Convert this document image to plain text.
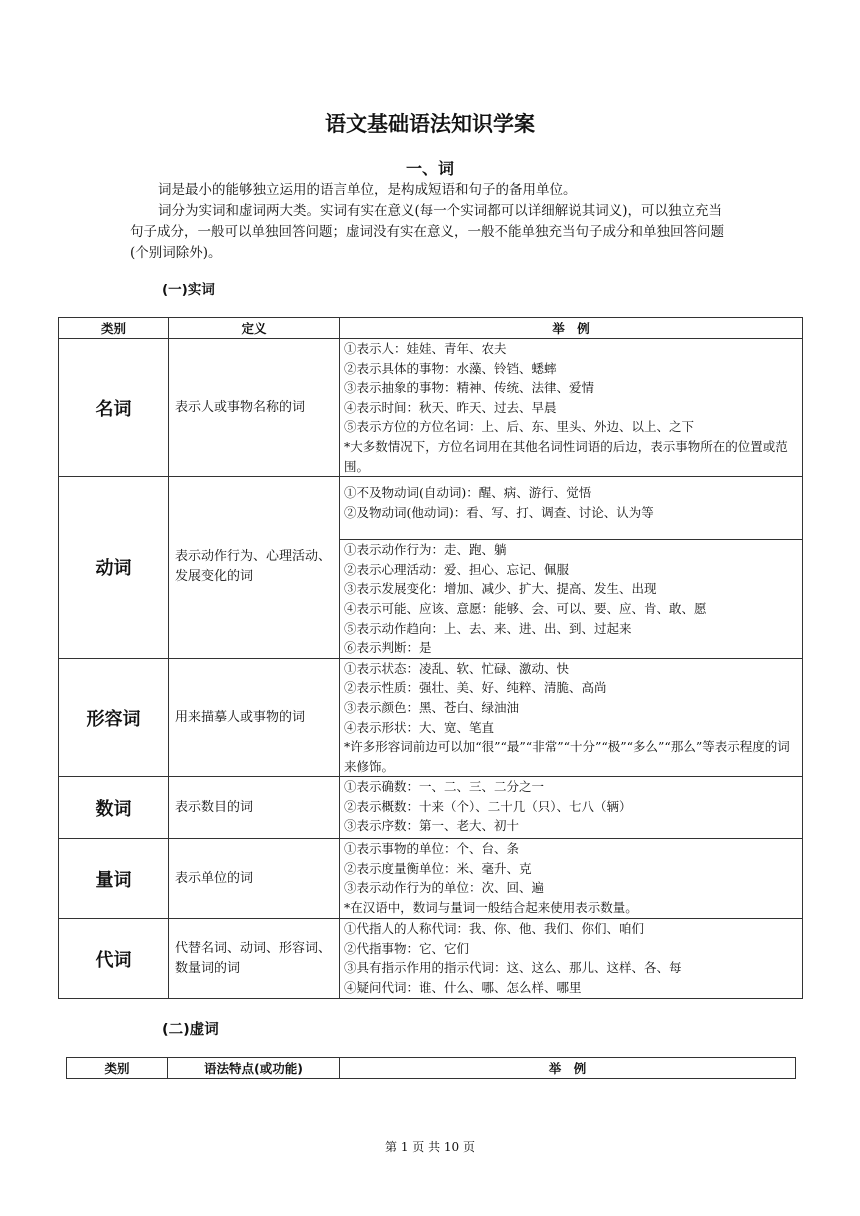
语文基础语法知识学案
一、词

词是最小的能够独立运用的语言单位，是构成短语和句子的备用单位。

词分为实词和虚词两大类。实词有实在意义(每一个实词都可以详细解说其词义)，可以独立充当句子成分，一般可以单独回答问题；虚词没有实在意义，一般不能单独充当句子成分和单独回答问题(个别词除外)。

(一)实词
类别	定义	举　例
名词	表示人或事物名称的词	
①表示人：娃娃、青年、农夫
②表示具体的事物：水藻、铃铛、蟋蟀
③表示抽象的事物：精神、传统、法律、爱情
④表示时间：秋天、昨天、过去、早晨
⑤表示方位的方位名词：上、后、东、里头、外边、以上、之下
*大多数情况下，方位名词用在其他名词性词语的后边，表示事物所在的位置或范围。

动词	表示动作行为、心理活动、发展变化的词	
①不及物动词(自动词)：醒、病、游行、觉悟
②及物动词(他动词)：看、写、打、调查、讨论、认为等

①表示动作行为：走、跑、躺
②表示心理活动：爱、担心、忘记、佩服
③表示发展变化：增加、减少、扩大、提高、发生、出现
④表示可能、应该、意愿：能够、会、可以、要、应、肯、敢、愿
⑤表示动作趋向：上、去、来、进、出、到、过起来
⑥表示判断：是

形容词	用来描摹人或事物的词	
①表示状态：凌乱、软、忙碌、激动、快
②表示性质：强壮、美、好、纯粹、清脆、高尚
③表示颜色：黑、苍白、绿油油
④表示形状：大、宽、笔直
*许多形容词前边可以加“很”“最”“非常”“十分”“极”“多么”“那么”等表示程度的词来修饰。

数词	表示数目的词	
①表示确数：一、二、三、二分之一
②表示概数：十来（个）、二十几（只）、七八（辆）
③表示序数：第一、老大、初十

量词	表示单位的词	
①表示事物的单位：个、台、条
②表示度量衡单位：米、毫升、克
③表示动作行为的单位：次、回、遍
*在汉语中，数词与量词一般结合起来使用表示数量。

代词	代替名词、动词、形容词、数量词的词	
①代指人的人称代词：我、你、他、我们、你们、咱们
②代指事物：它、它们
③具有指示作用的指示代词：这、这么、那儿、这样、各、每
④疑问代词：谁、什么、哪、怎么样、哪里
(二)虚词
类别	语法特点(或功能)	举　例
第 1 页 共 10 页
